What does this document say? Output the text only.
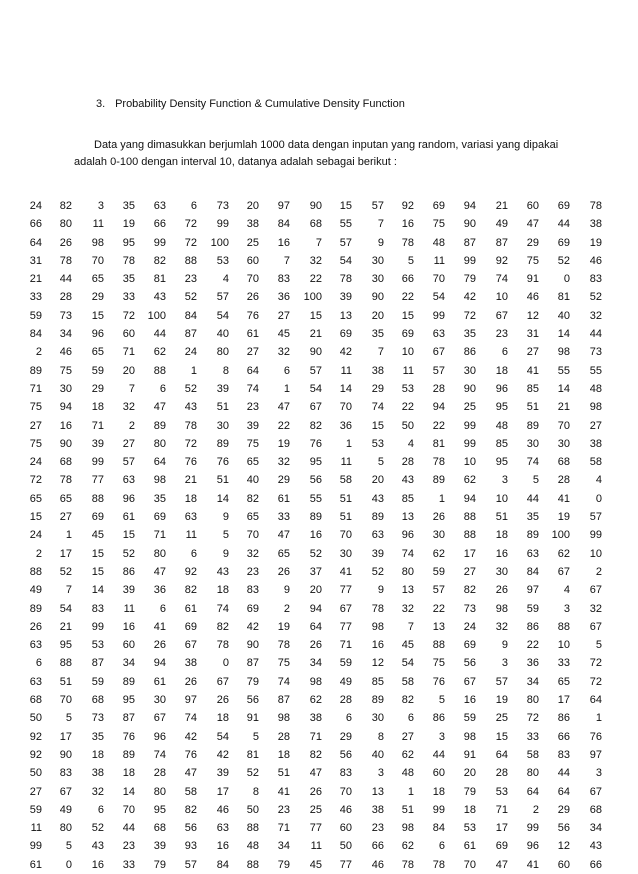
3. Probability Density Function & Cumulative Density Function
Data yang dimasukkan berjumlah 1000 data dengan inputan yang random, variasi yang dipakai
adalah 0-100 dengan interval 10, datanya adalah sebagai berikut :
24	82	3	35	63	6	73	20	97	90	15	57	92	69	94	21	60	69	78
66	80	11	19	66	72	99	38	84	68	55	7	16	75	90	49	47	44	38
64	26	98	95	99	72	100	25	16	7	57	9	78	48	87	87	29	69	19
31	78	70	78	82	88	53	60	7	32	54	30	5	11	99	92	75	52	46
21	44	65	35	81	23	4	70	83	22	78	30	66	70	79	74	91	0	83
33	28	29	33	43	52	57	26	36	100	39	90	22	54	42	10	46	81	52
59	73	15	72	100	84	54	76	27	15	13	20	15	99	72	67	12	40	32
84	34	96	60	44	87	40	61	45	21	69	35	69	63	35	23	31	14	44
2	46	65	71	62	24	80	27	32	90	42	7	10	67	86	6	27	98	73
89	75	59	20	88	1	8	64	6	57	11	38	11	57	30	18	41	55	55
71	30	29	7	6	52	39	74	1	54	14	29	53	28	90	96	85	14	48
75	94	18	32	47	43	51	23	47	67	70	74	22	94	25	95	51	21	98
27	16	71	2	89	78	30	39	22	82	36	15	50	22	99	48	89	70	27
75	90	39	27	80	72	89	75	19	76	1	53	4	81	99	85	30	30	38
24	68	99	57	64	76	76	65	32	95	11	5	28	78	10	95	74	68	58
72	78	77	63	98	21	51	40	29	56	58	20	43	89	62	3	5	28	4
65	65	88	96	35	18	14	82	61	55	51	43	85	1	94	10	44	41	0
15	27	69	61	69	63	9	65	33	89	51	89	13	26	88	51	35	19	57
24	1	45	15	71	11	5	70	47	16	70	63	96	30	88	18	89	100	99
2	17	15	52	80	6	9	32	65	52	30	39	74	62	17	16	63	62	10
88	52	15	86	47	92	43	23	26	37	41	52	80	59	27	30	84	67	2
49	7	14	39	36	82	18	83	9	20	77	9	13	57	82	26	97	4	67
89	54	83	11	6	61	74	69	2	94	67	78	32	22	73	98	59	3	32
26	21	99	16	41	69	82	42	19	64	77	98	7	13	24	32	86	88	67
63	95	53	60	26	67	78	90	78	26	71	16	45	88	69	9	22	10	5
6	88	87	34	94	38	0	87	75	34	59	12	54	75	56	3	36	33	72
63	51	59	89	61	26	67	79	74	98	49	85	58	76	67	57	34	65	72
68	70	68	95	30	97	26	56	87	62	28	89	82	5	16	19	80	17	64
50	5	73	87	67	74	18	91	98	38	6	30	6	86	59	25	72	86	1
92	17	35	76	96	42	54	5	28	71	29	8	27	3	98	15	33	66	76
92	90	18	89	74	76	42	81	18	82	56	40	62	44	91	64	58	83	97
50	83	38	18	28	47	39	52	51	47	83	3	48	60	20	28	80	44	3
27	67	32	14	80	58	17	8	41	26	70	13	1	18	79	53	64	64	67
59	49	6	70	95	82	46	50	23	25	46	38	51	99	18	71	2	29	68
11	80	52	44	68	56	63	88	71	77	60	23	98	84	53	17	99	56	34
99	5	43	23	39	93	16	48	34	11	50	66	62	6	61	69	96	12	43
61	0	16	33	79	57	84	88	79	45	77	46	78	78	70	47	41	60	66
